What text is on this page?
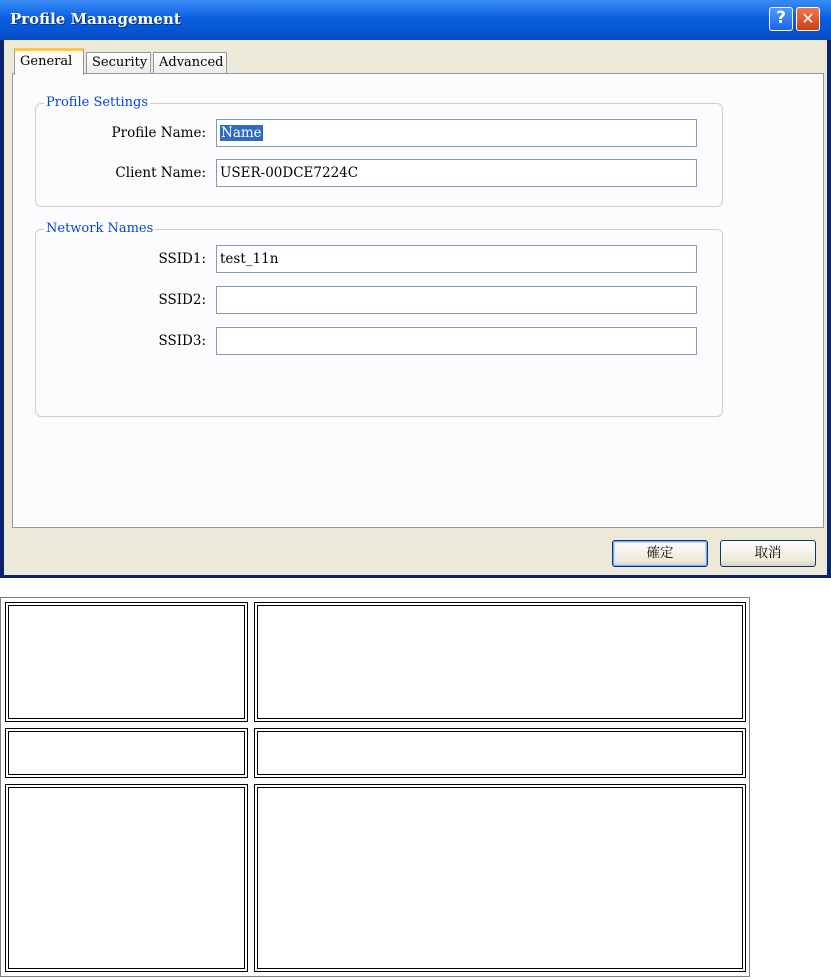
Profile Management	? ✕
General	Security Advanced
Profile Settings
Profile Name:	Name
Client Name: USER-00DCE7224C
Network Names
SSID1: test_11n
SSID2:
SSID3:
確定	取消
